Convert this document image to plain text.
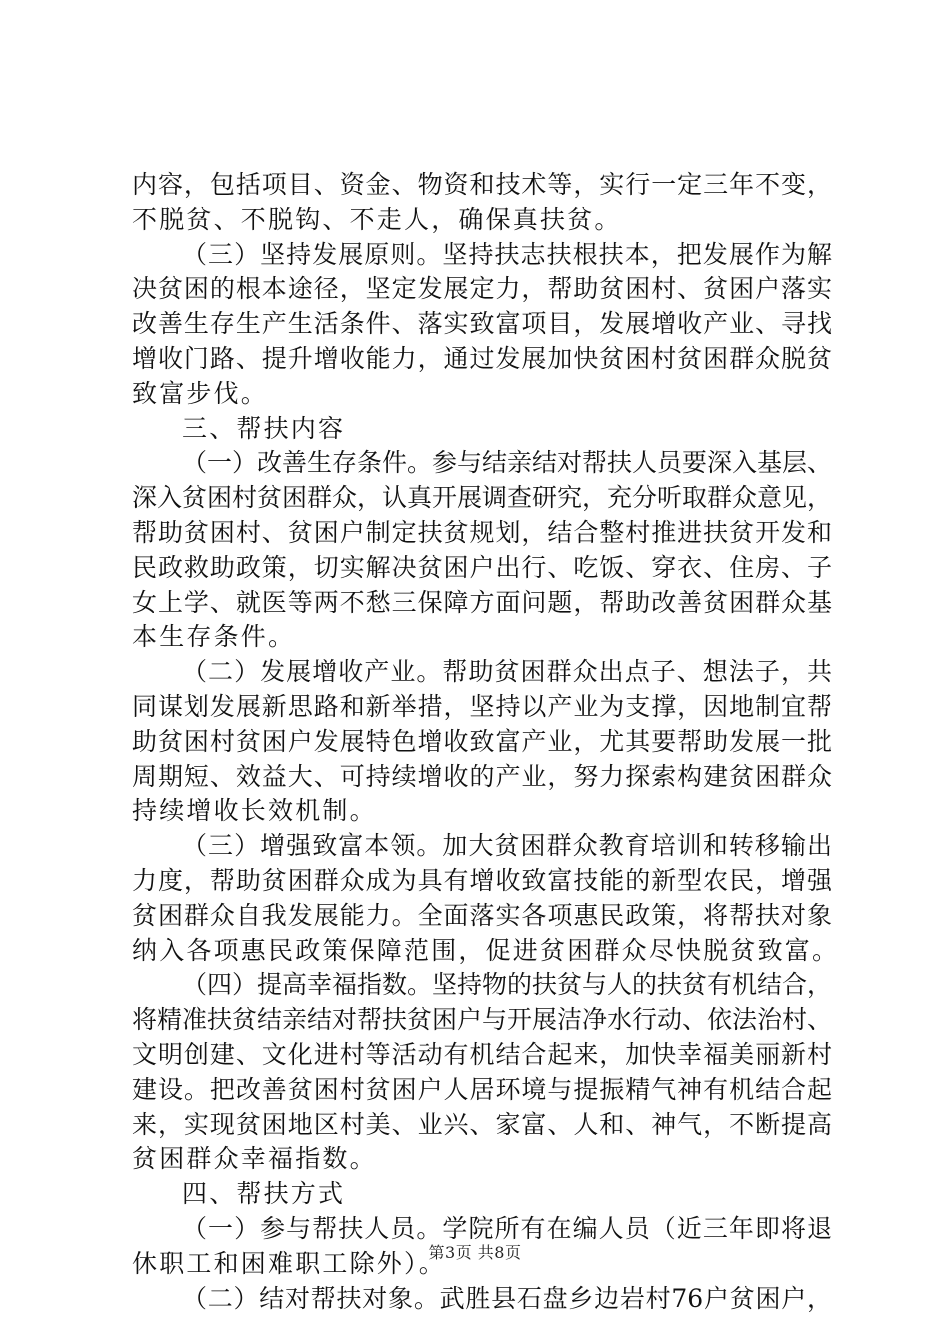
内容，包括项目、资金、物资和技术等，实行一定三年不变，
不脱贫、不脱钩、不走人，确保真扶贫。
（三）坚持发展原则。坚持扶志扶根扶本，把发展作为解
决贫困的根本途径，坚定发展定力，帮助贫困村、贫困户落实
改善生存生产生活条件、落实致富项目，发展增收产业、寻找
增收门路、提升增收能力，通过发展加快贫困村贫困群众脱贫
致富步伐。
三、帮扶内容
（一）改善生存条件。参与结亲结对帮扶人员要深入基层、
深入贫困村贫困群众，认真开展调查研究，充分听取群众意见，
帮助贫困村、贫困户制定扶贫规划，结合整村推进扶贫开发和
民政救助政策，切实解决贫困户出行、吃饭、穿衣、住房、子
女上学、就医等两不愁三保障方面问题，帮助改善贫困群众基
本生存条件。
（二）发展增收产业。帮助贫困群众出点子、想法子，共
同谋划发展新思路和新举措，坚持以产业为支撑，因地制宜帮
助贫困村贫困户发展特色增收致富产业，尤其要帮助发展一批
周期短、效益大、可持续增收的产业，努力探索构建贫困群众
持续增收长效机制。
（三）增强致富本领。加大贫困群众教育培训和转移输出
力度，帮助贫困群众成为具有增收致富技能的新型农民，增强
贫困群众自我发展能力。全面落实各项惠民政策，将帮扶对象
纳入各项惠民政策保障范围，促进贫困群众尽快脱贫致富。
（四）提高幸福指数。坚持物的扶贫与人的扶贫有机结合，
将精准扶贫结亲结对帮扶贫困户与开展洁净水行动、依法治村、
文明创建、文化进村等活动有机结合起来，加快幸福美丽新村
建设。把改善贫困村贫困户人居环境与提振精气神有机结合起
来，实现贫困地区村美、业兴、家富、人和、神气，不断提高
贫困群众幸福指数。
四、帮扶方式
（一）参与帮扶人员。学院所有在编人员（近三年即将退
休职工和困难职工除外）。
（二）结对帮扶对象。武胜县石盘乡边岩村76户贫困户，
第3页 共8页
